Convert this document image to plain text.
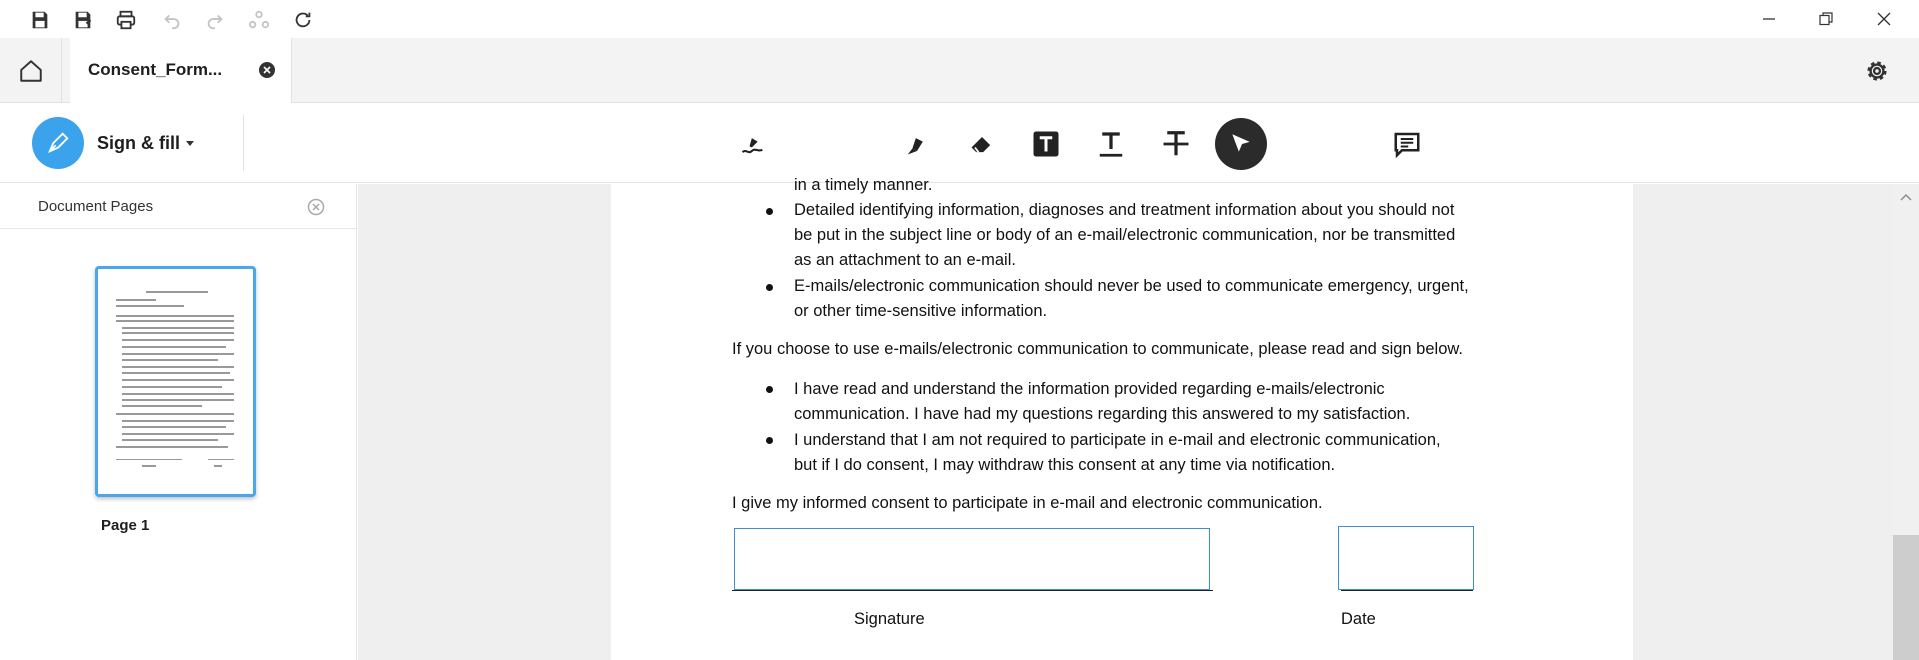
Consent_Form...
Sign & fill
Document Pages
Page 1
in a timely manner.
Detailed identifying information, diagnoses and treatment information about you should not
be put in the subject line or body of an e-mail/electronic communication, nor be transmitted
as an attachment to an e-mail.
E-mails/electronic communication should never be used to communicate emergency, urgent,
or other time-sensitive information.
If you choose to use e-mails/electronic communication to communicate, please read and sign below.
I have read and understand the information provided regarding e-mails/electronic
communication. I have had my questions regarding this answered to my satisfaction.
I understand that I am not required to participate in e-mail and electronic communication,
but if I do consent, I may withdraw this consent at any time via notification.
I give my informed consent to participate in e-mail and electronic communication.
Signature	Date
